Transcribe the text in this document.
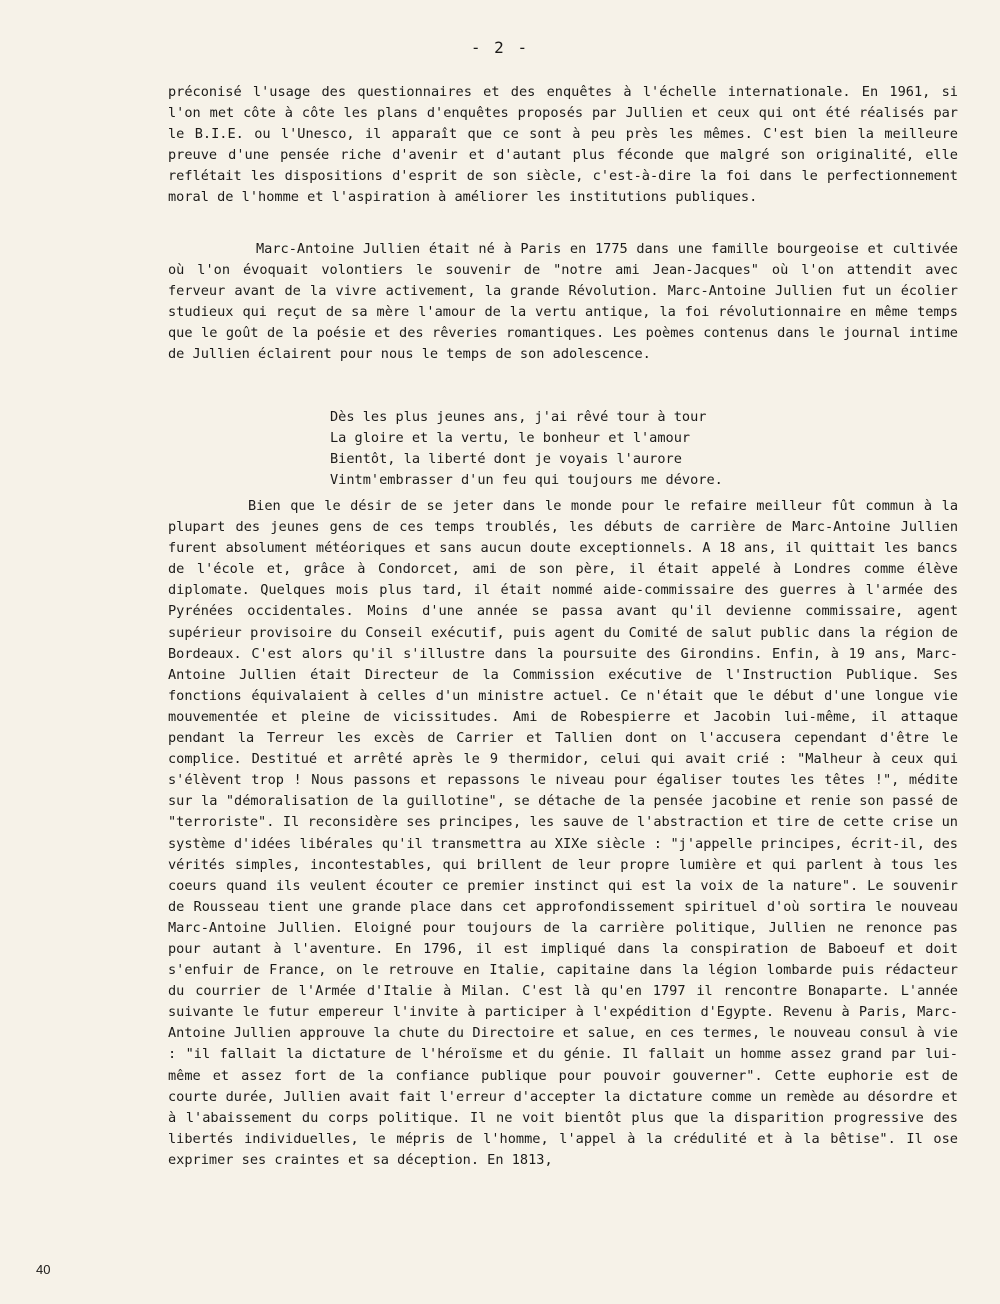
- 2 -

préconisé l'usage des questionnaires et des enquêtes à l'échelle internationale. En 1961, si l'on met côte à côte les plans d'enquêtes proposés par Jullien et ceux qui ont été réalisés par le B.I.E. ou l'Unesco, il apparaît que ce sont à peu près les mêmes. C'est bien la meilleure preuve d'une pensée riche d'avenir et d'autant plus féconde que malgré son originalité, elle reflétait les dispositions d'esprit de son siècle, c'est-à-dire la foi dans le perfectionnement moral de l'homme et l'aspiration à améliorer les institutions publiques.

Marc-Antoine Jullien était né à Paris en 1775 dans une famille bourgeoise et cultivée où l'on évoquait volontiers le souvenir de "notre ami Jean-Jacques" où l'on attendit avec ferveur avant de la vivre activement, la grande Révolution. Marc-Antoine Jullien fut un écolier studieux qui reçut de sa mère l'amour de la vertu antique, la foi révolutionnaire en même temps que le goût de la poésie et des rêveries romantiques. Les poèmes contenus dans le journal intime de Jullien éclairent pour nous le temps de son adolescence.

Dès les plus jeunes ans, j'ai rêvé tour à tour
La gloire et la vertu, le bonheur et l'amour
Bientôt, la liberté dont je voyais l'aurore
Vintm'embrasser d'un feu qui toujours me dévore.

Bien que le désir de se jeter dans le monde pour le refaire meilleur fût commun à la plupart des jeunes gens de ces temps troublés, les débuts de carrière de Marc-Antoine Jullien furent absolument météoriques et sans aucun doute exceptionnels. A 18 ans, il quittait les bancs de l'école et, grâce à Condorcet, ami de son père, il était appelé à Londres comme élève diplomate. Quelques mois plus tard, il était nommé aide-commissaire des guerres à l'armée des Pyrénées occidentales. Moins d'une année se passa avant qu'il devienne commissaire, agent supérieur provisoire du Conseil exécutif, puis agent du Comité de salut public dans la région de Bordeaux. C'est alors qu'il s'illustre dans la poursuite des Girondins. Enfin, à 19 ans, Marc-Antoine Jullien était Directeur de la Commission exécutive de l'Instruction Publique. Ses fonctions équivalaient à celles d'un ministre actuel. Ce n'était que le début d'une longue vie mouvementée et pleine de vicissitudes. Ami de Robespierre et Jacobin lui-même, il attaque pendant la Terreur les excès de Carrier et Tallien dont on l'accusera cependant d'être le complice. Destitué et arrêté après le 9 thermidor, celui qui avait crié : "Malheur à ceux qui s'élèvent trop ! Nous passons et repassons le niveau pour égaliser toutes les têtes !", médite sur la "démoralisation de la guillotine", se détache de la pensée jacobine et renie son passé de "terroriste". Il reconsidère ses principes, les sauve de l'abstraction et tire de cette crise un système d'idées libérales qu'il transmettra au XIXe siècle : "j'appelle principes, écrit-il, des vérités simples, incontestables, qui brillent de leur propre lumière et qui parlent à tous les coeurs quand ils veulent écouter ce premier instinct qui est la voix de la nature". Le souvenir de Rousseau tient une grande place dans cet approfondissement spirituel d'où sortira le nouveau Marc-Antoine Jullien. Eloigné pour toujours de la carrière politique, Jullien ne renonce pas pour autant à l'aventure. En 1796, il est impliqué dans la conspiration de Baboeuf et doit s'enfuir de France, on le retrouve en Italie, capitaine dans la légion lombarde puis rédacteur du courrier de l'Armée d'Italie à Milan. C'est là qu'en 1797 il rencontre Bonaparte. L'année suivante le futur empereur l'invite à participer à l'expédition d'Egypte. Revenu à Paris, Marc-Antoine Jullien approuve la chute du Directoire et salue, en ces termes, le nouveau consul à vie : "il fallait la dictature de l'héroïsme et du génie. Il fallait un homme assez grand par lui-même et assez fort de la confiance publique pour pouvoir gouverner". Cette euphorie est de courte durée, Jullien avait fait l'erreur d'accepter la dictature comme un remède au désordre et à l'abaissement du corps politique. Il ne voit bientôt plus que la disparition progressive des libertés individuelles, le mépris de l'homme, l'appel à la crédulité et à la bêtise". Il ose exprimer ses craintes et sa déception. En 1813,

40
